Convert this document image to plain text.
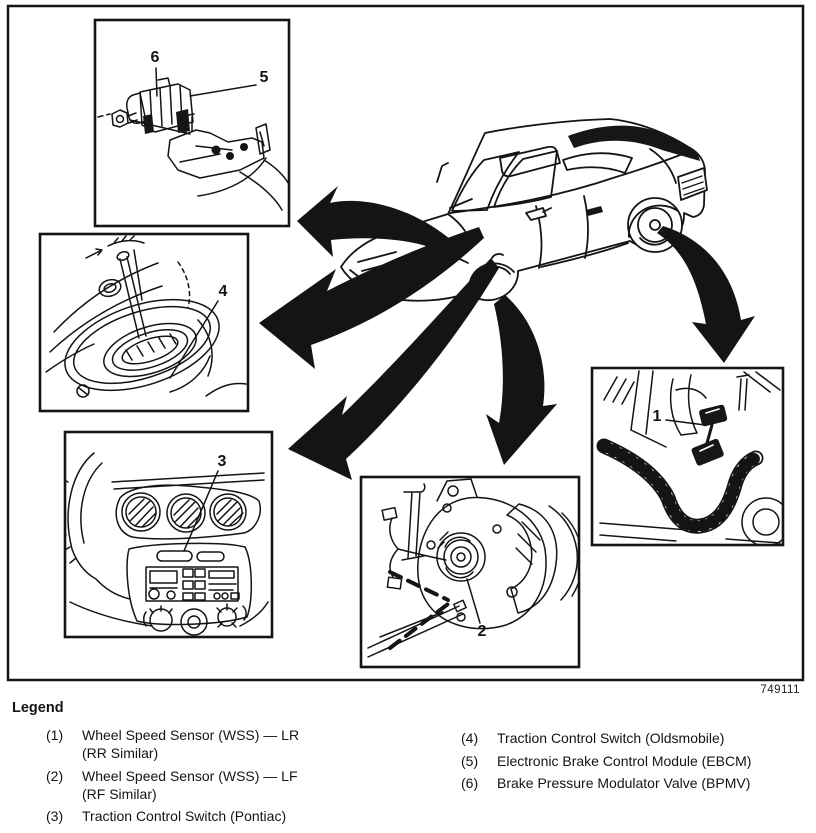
1
2
3
4
5
6
749111
Legend
(1)	Wheel Speed Sensor (WSS) — LR
(RR Similar)
(2)	Wheel Speed Sensor (WSS) — LF
(RF Similar)
(3)	Traction Control Switch (Pontiac)
(4)	Traction Control Switch (Oldsmobile)
(5)	Electronic Brake Control Module (EBCM)
(6)	Brake Pressure Modulator Valve (BPMV)
